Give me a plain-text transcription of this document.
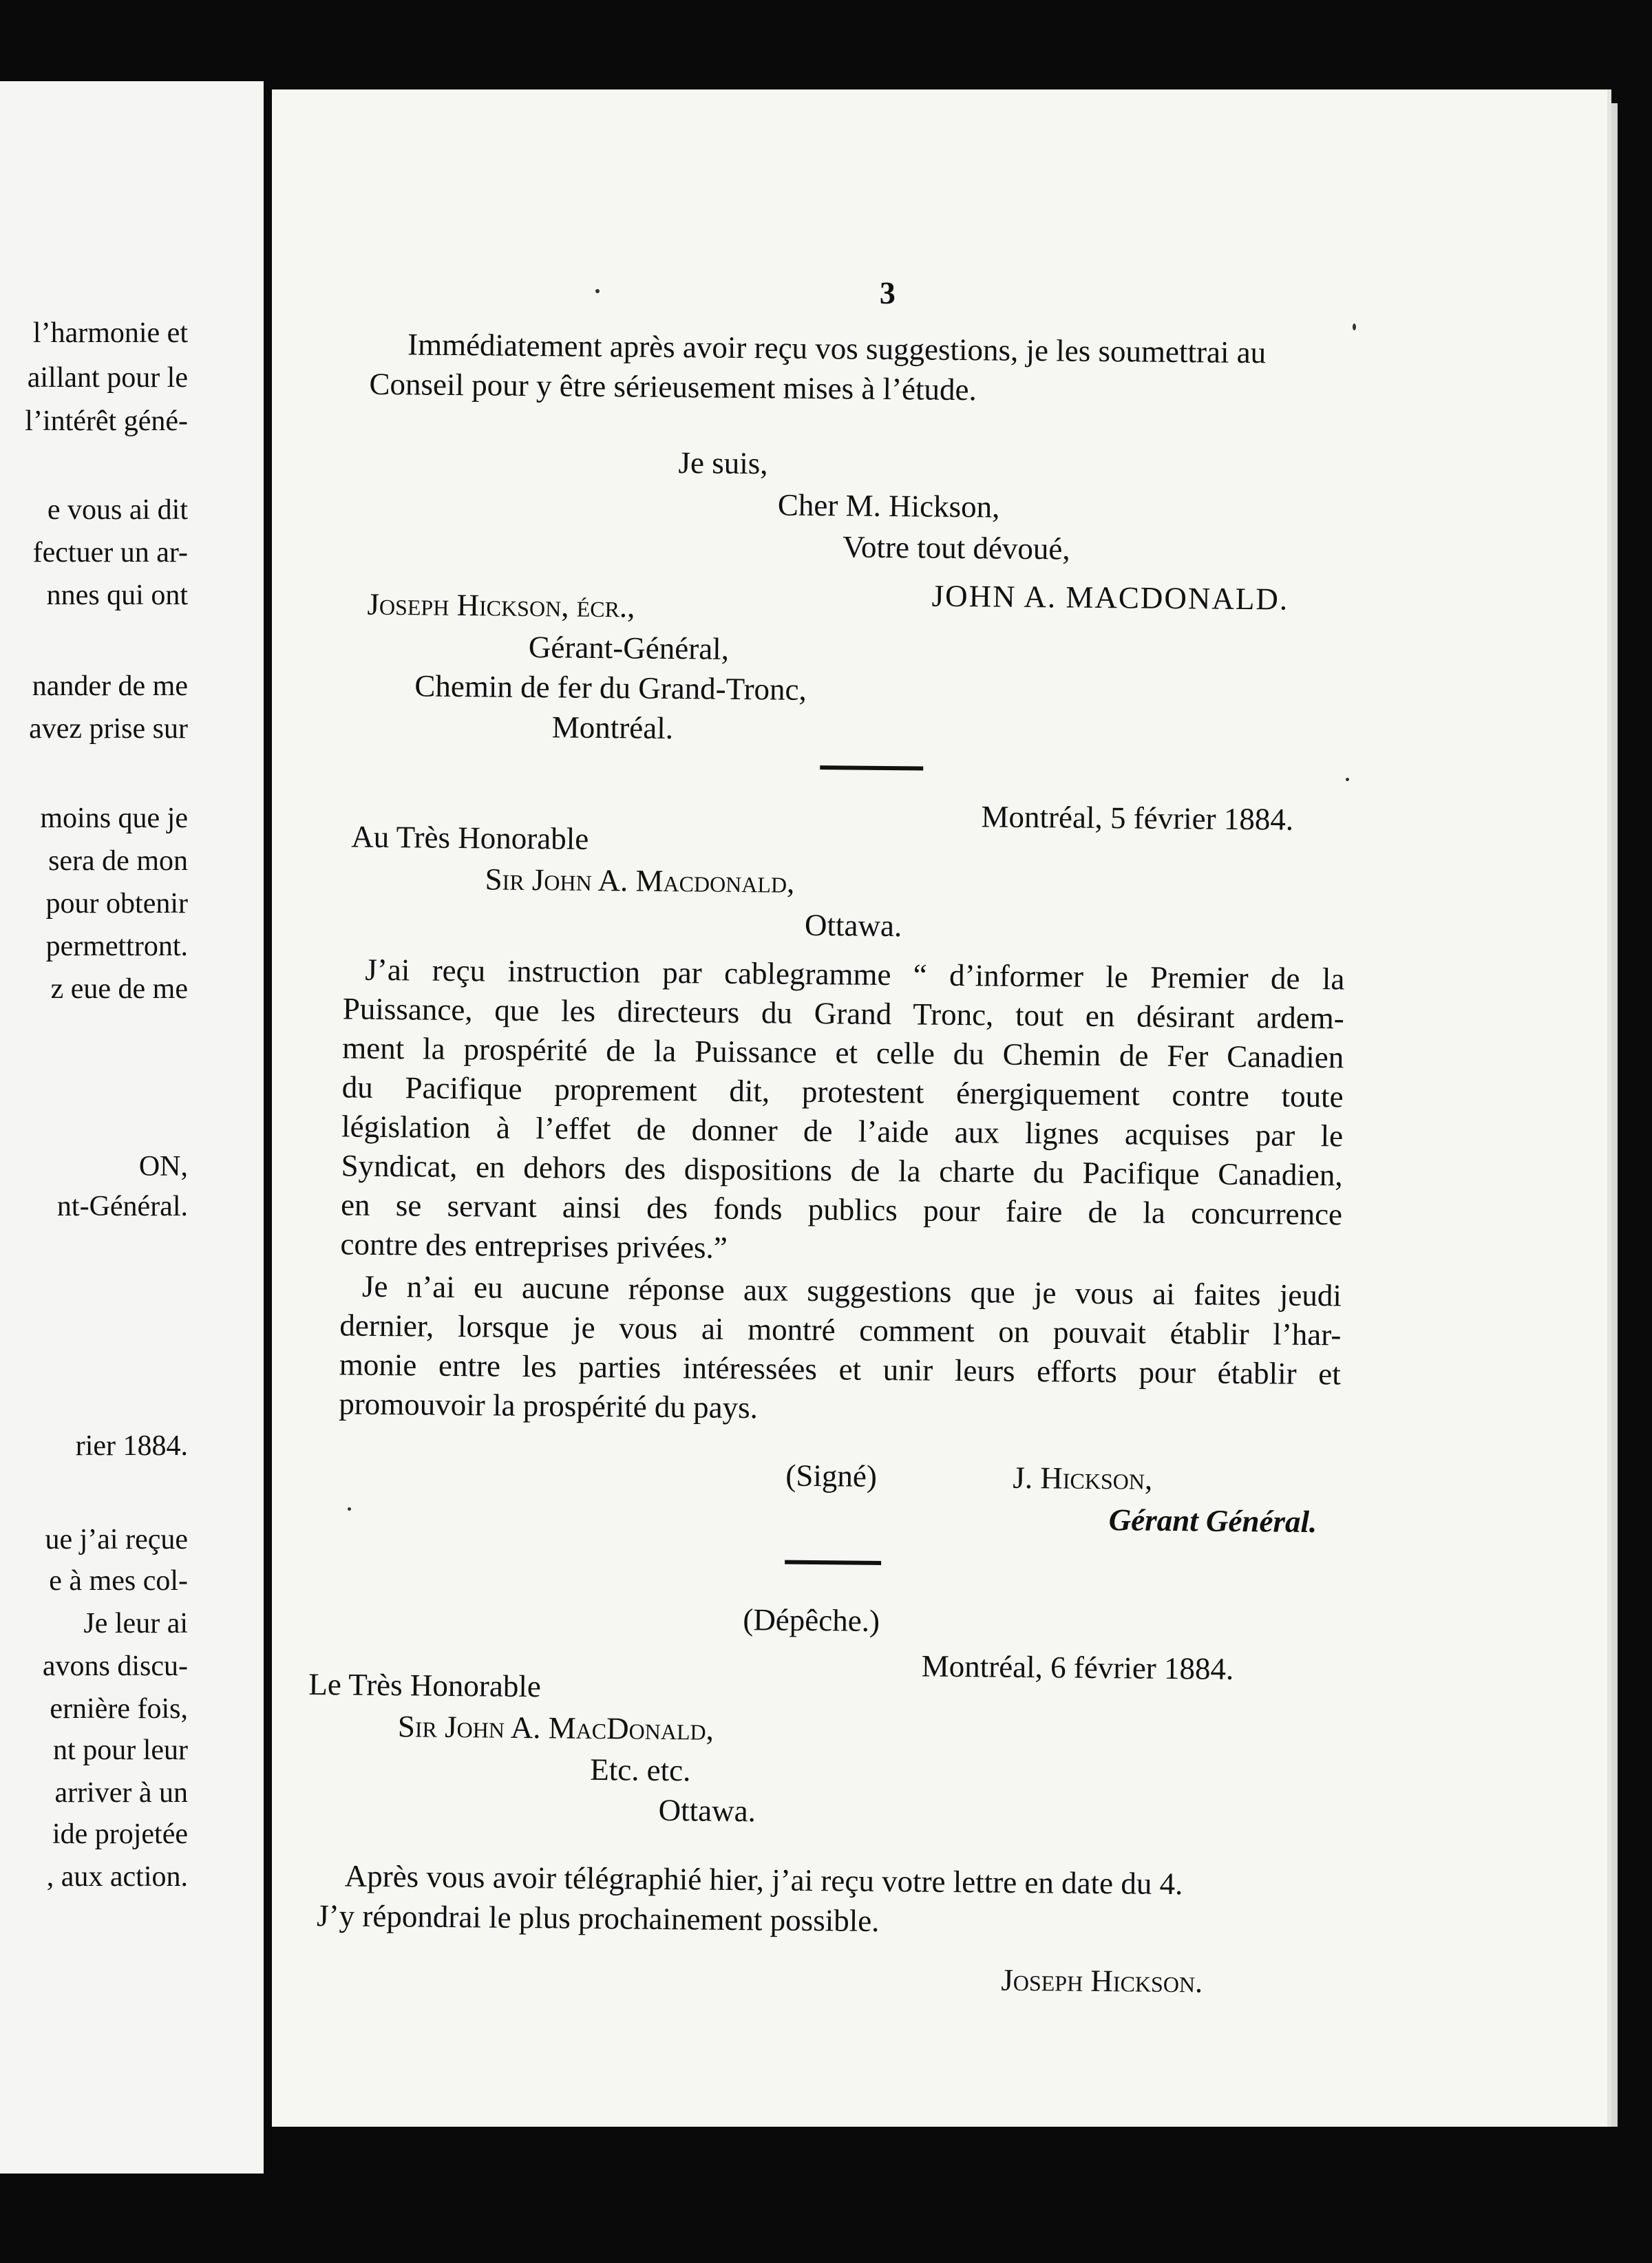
l’harmonie et
aillant pour le
l’intérêt géné-
e vous ai dit
fectuer un ar-
nnes qui ont
nander de me
avez prise sur
moins que je
sera de mon
pour obtenir
permettront.
z eue de me
ON,
nt-Général.
rier 1884.
ue j’ai reçue
e à mes col-
Je leur ai
avons discu-
ernière fois,
nt pour leur
arriver à un
ide projetée
, aux action.
3
Immédiatement après avoir reçu vos suggestions, je les soumettrai au
Conseil pour y être sérieusement mises à l’étude.
Je suis,
Cher M. Hickson,
Votre tout dévoué,
JOHN A. MACDONALD.
Joseph Hickson, écr.,
Gérant-Général,
Chemin de fer du Grand-Tronc,
Montréal.
Montréal, 5 février 1884.
Au Très Honorable
Sir John A. Macdonald,
Ottawa.
J’ai reçu instruction par cablegramme “ d’informer le Premier de la
Puissance, que les directeurs du Grand Tronc, tout en désirant ardem-
ment la prospérité de la Puissance et celle du Chemin de Fer Canadien
du Pacifique proprement dit, protestent énergiquement contre toute
législation à l’effet de donner de l’aide aux lignes acquises par le
Syndicat, en dehors des dispositions de la charte du Pacifique Canadien,
en se servant ainsi des fonds publics pour faire de la concurrence
contre des entreprises privées.”
Je n’ai eu aucune réponse aux suggestions que je vous ai faites jeudi
dernier, lorsque je vous ai montré comment on pouvait établir l’har-
monie entre les parties intéressées et unir leurs efforts pour établir et
promouvoir la prospérité du pays.
(Signé)	J. Hickson,
Gérant Général.
(Dépêche.)
Montréal, 6 février 1884.
Le Très Honorable
Sir John A. MacDonald,
Etc. etc.
Ottawa.
Après vous avoir télégraphié hier, j’ai reçu votre lettre en date du 4.
J’y répondrai le plus prochainement possible.
Joseph Hickson.
